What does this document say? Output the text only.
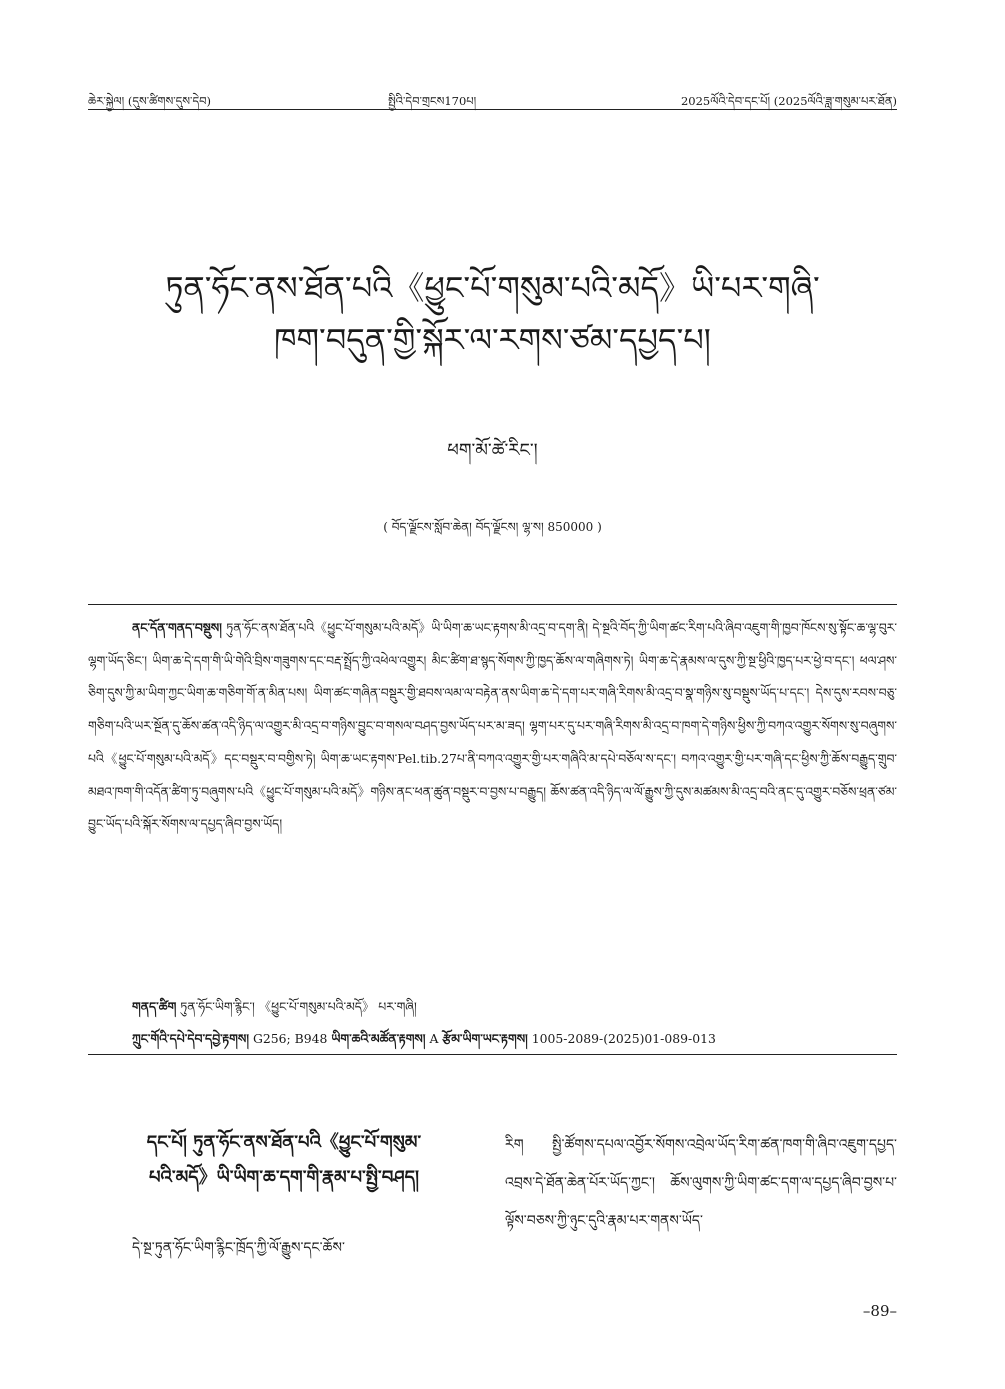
ཆེར་སྐྱེལ། (དུས་ཚིགས་དུས་དེབ)	སྤྱིའི་དེབ་གྲངས170པ།	2025ལོའི་དེབ་དང་པོ། (2025ལོའི་ཟླ་གསུམ་པར་ཐོན)
ཏུན་ཧོང་ནས་ཐོན་པའི《ཕྱུང་པོ་གསུམ་པའི་མདོ》ཡི་པར་གཞི་
ཁག་བདུན་གྱི་སྐོར་ལ་རགས་ཙམ་དཔྱད་པ།
ཕག་མོ་ཚེ་རིང་།
( བོད་ལྗོངས་སློབ་ཆེན། བོད་ལྗོངས། ལྷ་ས། 850000 )
ནང་དོན་གནད་བསྡུས། ཏུན་ཧོང་ནས་ཐོན་པའི《ཕྱུང་པོ་གསུམ་པའི་མདོ》ཡི་ཡིག་ཆ་ཡང་རྟགས་མི་འདྲ་བ་དག་ནི། དེ་སྔའི་བོད་ཀྱི་ཡིག་ཚང་རིག་པའི་ཞིབ་འཇུག་གི་ཁྱབ་ཁོངས་སུ་སྟོང་ཆ་ལྷ་བུར་ལྷག་ཡོད་ཅིང་། ཡིག་ཆ་དེ་དག་གི་ཡི་གེའི་བྲིས་གཟུགས་དང་བརྡ་སྤྲོད་ཀྱི་འཕེལ་འགྱུར། མིང་ཚིག་ཐ་སྙད་སོགས་ཀྱི་ཁྱད་ཆོས་ལ་གཞིགས་ཏེ། ཡིག་ཆ་དེ་རྣམས་ལ་དུས་ཀྱི་སྔ་ཕྱིའི་ཁྱད་པར་ཕྱེ་བ་དང་། ཕལ་ཤས་ཅིག་དུས་ཀྱི་མ་ཡིག་ཀྱང་ཡིག་ཆ་གཅིག་གོ་ན་མིན་པས། ཡིག་ཚང་གཞིན་བསྡུར་གྱི་ཐབས་ལམ་ལ་བརྟེན་ནས་ཡིག་ཆ་དེ་དག་པར་གཞི་རིགས་མི་འདྲ་བ་སྣ་གཉིས་སུ་བསྡུས་ཡོད་པ་དང་། དེས་དུས་རབས་བཅུ་གཅིག་པའི་ཡར་སྔོན་དུ་ཆོས་ཚན་འདི་ཉིད་ལ་འགྱུར་མི་འདྲ་བ་གཉིས་བྱུང་བ་གསལ་བཤད་བྱས་ཡོད་པར་མ་ཟད། ལྷག་པར་དུ་པར་གཞི་རིགས་མི་འདྲ་བ་ཁག་དེ་གཉིས་ཕྱིས་ཀྱི་བཀའ་འགྱུར་སོགས་སུ་བཞུགས་པའི《ཕྱུང་པོ་གསུམ་པའི་མདོ》དང་བསྡུར་བ་བགྱིས་ཏེ། ཡིག་ཆ་ཡང་རྟགས་Pel.tib.27པ་ནི་བཀའ་འགྱུར་གྱི་པར་གཞིའི་མ་དཔེ་བཅོལ་ས་དང་། བཀའ་འགྱུར་གྱི་པར་གཞི་དང་ཕྱིས་ཀྱི་ཆོས་བརྒྱུད་གྲུབ་མཐའ་ཁག་གི་འདོན་ཚིག་ཏུ་བཞུགས་པའི《ཕྱུང་པོ་གསུམ་པའི་མདོ》གཉིས་ནང་ཕན་ཚུན་བསྡུར་བ་བྱས་པ་བརྒྱུད། ཆོས་ཚན་འདི་ཉིད་ལ་ལོ་རྒྱུས་ཀྱི་དུས་མཚམས་མི་འདྲ་བའི་ནང་དུ་འགྱུར་བཅོས་ཕྲན་ཙམ་བྱུང་ཡོད་པའི་སྐོར་སོགས་ལ་དཔྱད་ཞིབ་བྱས་ཡོད།
གནད་ཚིག ཏུན་ཧོང་ཡིག་རྙིང་། 《ཕྱུང་པོ་གསུམ་པའི་མདོ》 པར་གཞི།
ཀྲུང་གོའི་དཔེ་དེབ་དབྱེ་རྟགས། G256; B948 ཡིག་ཆའི་མཚོན་རྟགས། A རྩོམ་ཡིག་ཡང་རྟགས། 1005-2089-(2025)01-089-013
དང་པོ། ཏུན་ཧོང་ནས་ཐོན་པའི《ཕྱུང་པོ་གསུམ་
པའི་མདོ》ཡི་ཡིག་ཆ་དག་གི་རྣམ་པ་སྤྱི་བཤད།
དེ་སྔ་ཏུན་ཧོང་ཡིག་རྙིང་ཁྲོད་ཀྱི་ལོ་རྒྱུས་དང་ཆོས་
རིག སྤྱི་ཚོགས་དཔལ་འབྱོར་སོགས་འབྲེལ་ཡོད་རིག་ཚན་ཁག་གི་ཞིབ་འཇུག་དཔྱད་འབྲས་དེ་ཐོན་ཆེན་པོར་ཡོད་ཀྱང་། ཆོས་ལུགས་ཀྱི་ཡིག་ཚང་དག་ལ་དཔྱད་ཞིབ་བྱས་པ་ལྟོས་བཅས་ཀྱི་ཉུང་དུའི་རྣམ་པར་གནས་ཡོད་
–89–
